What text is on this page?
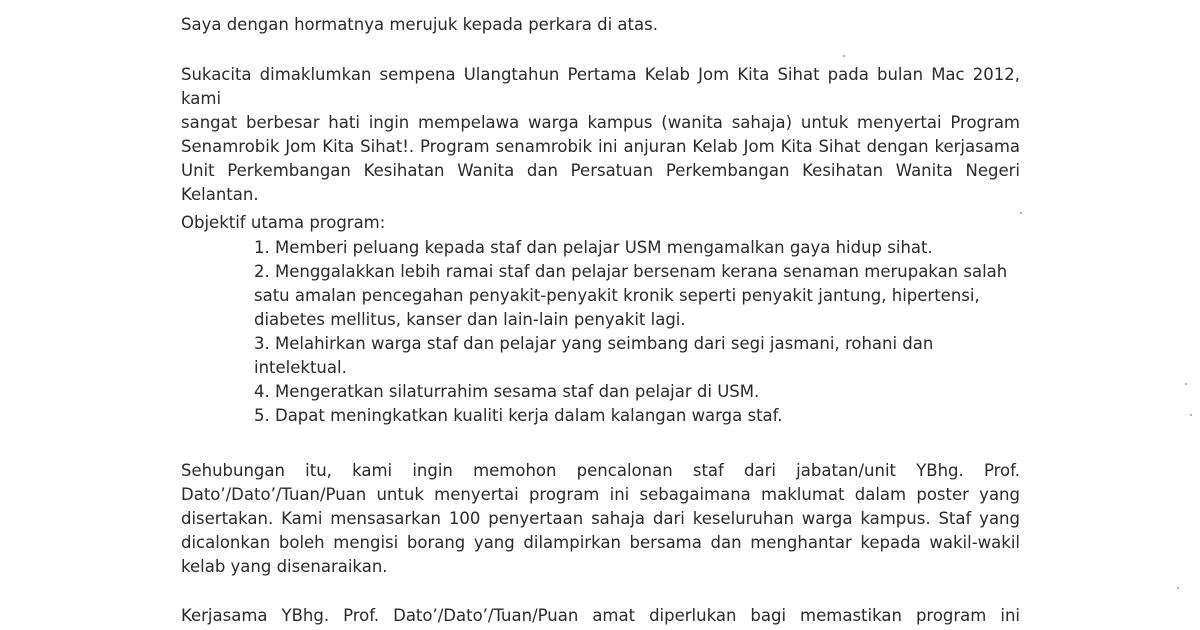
Saya dengan hormatnya merujuk kepada perkara di atas.

Sukacita dimaklumkan sempena Ulangtahun Pertama Kelab Jom Kita Sihat pada bulan Mac 2012, kami
sangat berbesar hati ingin mempelawa warga kampus (wanita sahaja) untuk menyertai Program
Senamrobik Jom Kita Sihat!. Program senamrobik ini anjuran Kelab Jom Kita Sihat dengan kerjasama
Unit Perkembangan Kesihatan Wanita dan Persatuan Perkembangan Kesihatan Wanita Negeri
Kelantan.

Objektif utama program:

1. Memberi peluang kepada staf dan pelajar USM mengamalkan gaya hidup sihat.
2. Menggalakkan lebih ramai staf dan pelajar bersenam kerana senaman merupakan salah
satu amalan pencegahan penyakit-penyakit kronik seperti penyakit jantung, hipertensi,
diabetes mellitus, kanser dan lain-lain penyakit lagi.
3. Melahirkan warga staf dan pelajar yang seimbang dari segi jasmani, rohani dan
intelektual.
4. Mengeratkan silaturrahim sesama staf dan pelajar di USM.
5. Dapat meningkatkan kualiti kerja dalam kalangan warga staf.

Sehubungan itu, kami ingin memohon pencalonan staf dari jabatan/unit YBhg. Prof.
Dato’/Dato’/Tuan/Puan untuk menyertai program ini sebagaimana maklumat dalam poster yang
disertakan. Kami mensasarkan 100 penyertaan sahaja dari keseluruhan warga kampus. Staf yang
dicalonkan boleh mengisi borang yang dilampirkan bersama dan menghantar kepada wakil-wakil
kelab yang disenaraikan.

Kerjasama YBhg. Prof. Dato’/Dato’/Tuan/Puan amat diperlukan bagi memastikan program ini
